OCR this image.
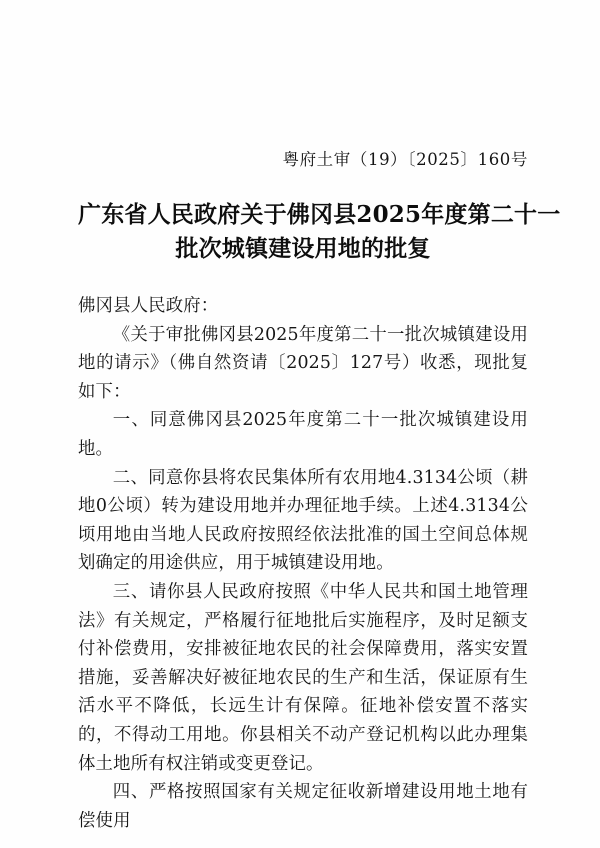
粤府土审（19）〔2025〕160号
广东省人民政府关于佛冈县2025年度第二十一
批次城镇建设用地的批复

佛冈县人民政府：

《关于审批佛冈县2025年度第二十一批次城镇建设用地的请示》（佛自然资请〔2025〕127号）收悉，现批复如下：

一、同意佛冈县2025年度第二十一批次城镇建设用地。

二、同意你县将农民集体所有农用地4.3134公顷（耕地0公顷）转为建设用地并办理征地手续。上述4.3134公顷用地由当地人民政府按照经依法批准的国土空间总体规划确定的用途供应，用于城镇建设用地。

三、请你县人民政府按照《中华人民共和国土地管理法》有关规定，严格履行征地批后实施程序，及时足额支付补偿费用，安排被征地农民的社会保障费用，落实安置措施，妥善解决好被征地农民的生产和生活，保证原有生活水平不降低，长远生计有保障。征地补偿安置不落实的，不得动工用地。你县相关不动产登记机构以此办理集体土地所有权注销或变更登记。

四、严格按照国家有关规定征收新增建设用地土地有偿使用
